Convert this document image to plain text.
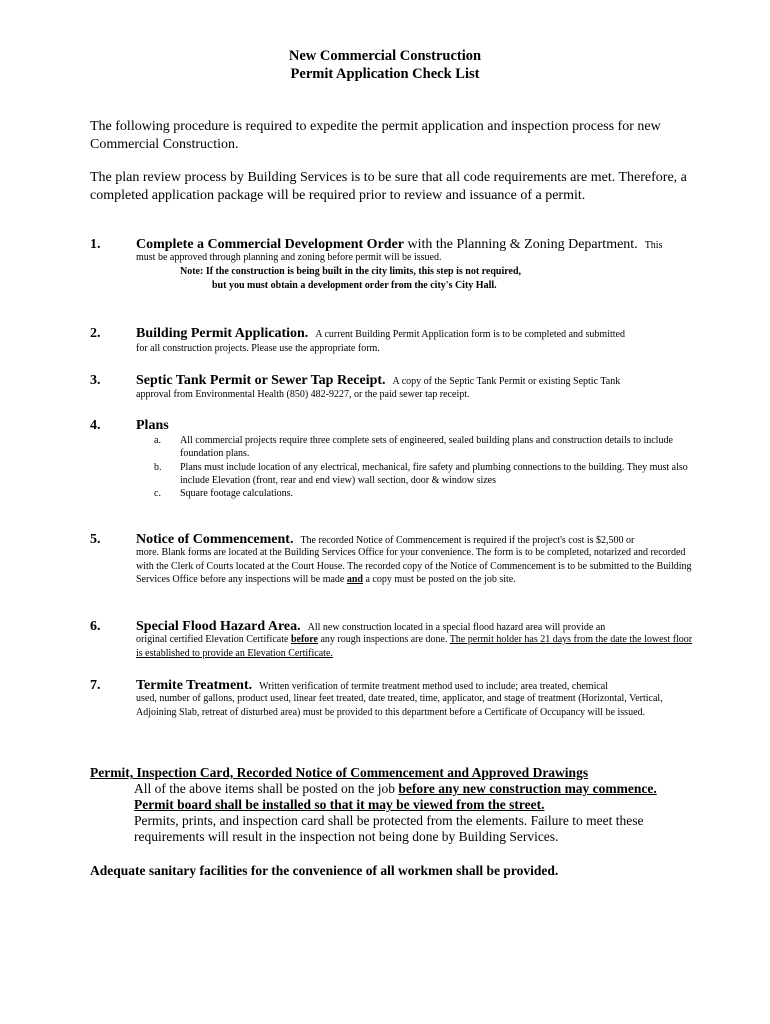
New Commercial Construction
Permit Application Check List
The following procedure is required to expedite the permit application and inspection process for new Commercial Construction.
The plan review process by Building Services is to be sure that all code requirements are met. Therefore, a completed application package will be required prior to review and issuance of a permit.
1.	Complete a Commercial Development Order with the Planning & Zoning Department. This
must be approved through planning and zoning before permit will be issued.
Note: If the construction is being built in the city limits, this step is not required,
but you must obtain a development order from the city's City Hall.
2.	Building Permit Application. A current Building Permit Application form is to be completed and submitted
for all construction projects. Please use the appropriate form.
3.	Septic Tank Permit or Sewer Tap Receipt. A copy of the Septic Tank Permit or existing Septic Tank
approval from Environmental Health (850) 482-9227, or the paid sewer tap receipt.
4.	Plans
a. All commercial projects require three complete sets of engineered, sealed building plans and construction details to include foundation plans.
b. Plans must include location of any electrical, mechanical, fire safety and plumbing connections to the building. They must also include Elevation (front, rear and end view) wall section, door & window sizes
c. Square footage calculations.
5.	Notice of Commencement. The recorded Notice of Commencement is required if the project's cost is $2,500 or
more. Blank forms are located at the Building Services Office for your convenience. The form is to be completed, notarized and recorded with the Clerk of Courts located at the Court House. The recorded copy of the Notice of Commencement is to be submitted to the Building Services Office before any inspections will be made and a copy must be posted on the job site.
6.	Special Flood Hazard Area. All new construction located in a special flood hazard area will provide an
original certified Elevation Certificate before any rough inspections are done. The permit holder has 21 days from the date the lowest floor is established to provide an Elevation Certificate.
7.	Termite Treatment. Written verification of termite treatment method used to include; area treated, chemical
used, number of gallons, product used, linear feet treated, date treated, time, applicator, and stage of treatment (Horizontal, Vertical, Adjoining Slab, retreat of disturbed area) must be provided to this department before a Certificate of Occupancy will be issued.
Permit, Inspection Card, Recorded Notice of Commencement and Approved Drawings
All of the above items shall be posted on the job before any new construction may commence. Permit board shall be installed so that it may be viewed from the street.
Permits, prints, and inspection card shall be protected from the elements. Failure to meet these requirements will result in the inspection not being done by Building Services.
Adequate sanitary facilities for the convenience of all workmen shall be provided.
